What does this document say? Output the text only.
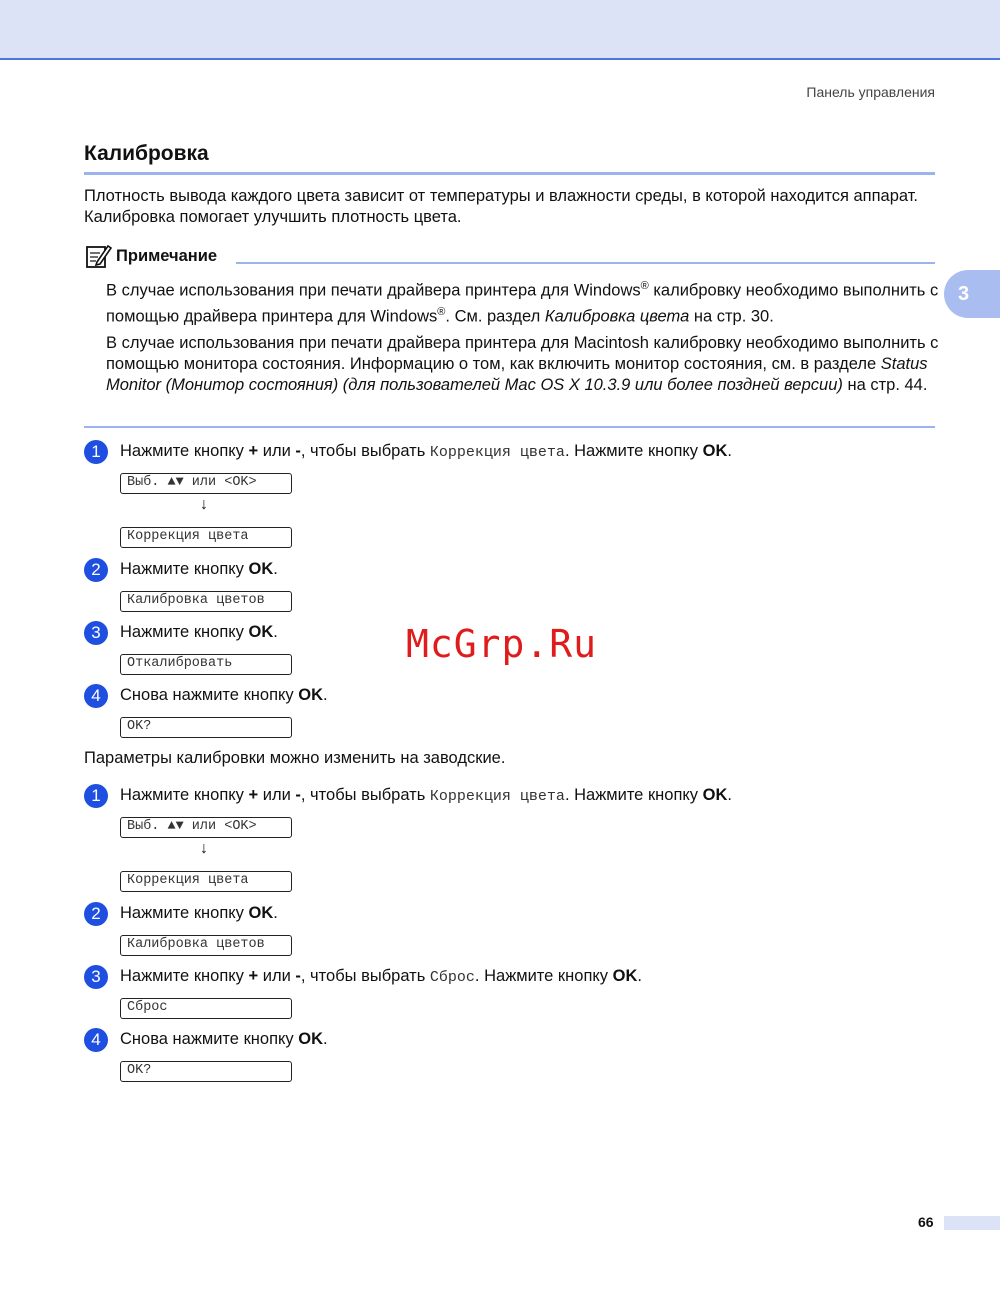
Панель управления
3
Калибровка
Плотность вывода каждого цвета зависит от температуры и влажности среды, в которой находится аппарат. Калибровка помогает улучшить плотность цвета.
Примечание
В случае использования при печати драйвера принтера для Windows® калибровку необходимо выполнить с помощью драйвера принтера для Windows®. См. раздел Калибровка цвета на стр. 30.
В случае использования при печати драйвера принтера для Macintosh калибровку необходимо выполнить с помощью монитора состояния. Информацию о том, как включить монитор состояния, см. в разделе Status Monitor (Монитор состояния) (для пользователей Mac OS X 10.3.9 или более поздней версии) на стр. 44.
1	Нажмите кнопку + или -, чтобы выбрать Коррекция цвета. Нажмите кнопку OK.
Выб. ▲▼ или <OK>
↓
Коррекция цвета
2	Нажмите кнопку OK.
Калибровка цветов
3	Нажмите кнопку OK.
Откалибровать
4	Снова нажмите кнопку OK.
OK?
Параметры калибровки можно изменить на заводские.
1	Нажмите кнопку + или -, чтобы выбрать Коррекция цвета. Нажмите кнопку OK.
Выб. ▲▼ или <OK>
↓
Коррекция цвета
2	Нажмите кнопку OK.
Калибровка цветов
3	Нажмите кнопку + или -, чтобы выбрать Сброс. Нажмите кнопку OK.
Сброс
4	Снова нажмите кнопку OK.
OK?
McGrp.Ru
66
